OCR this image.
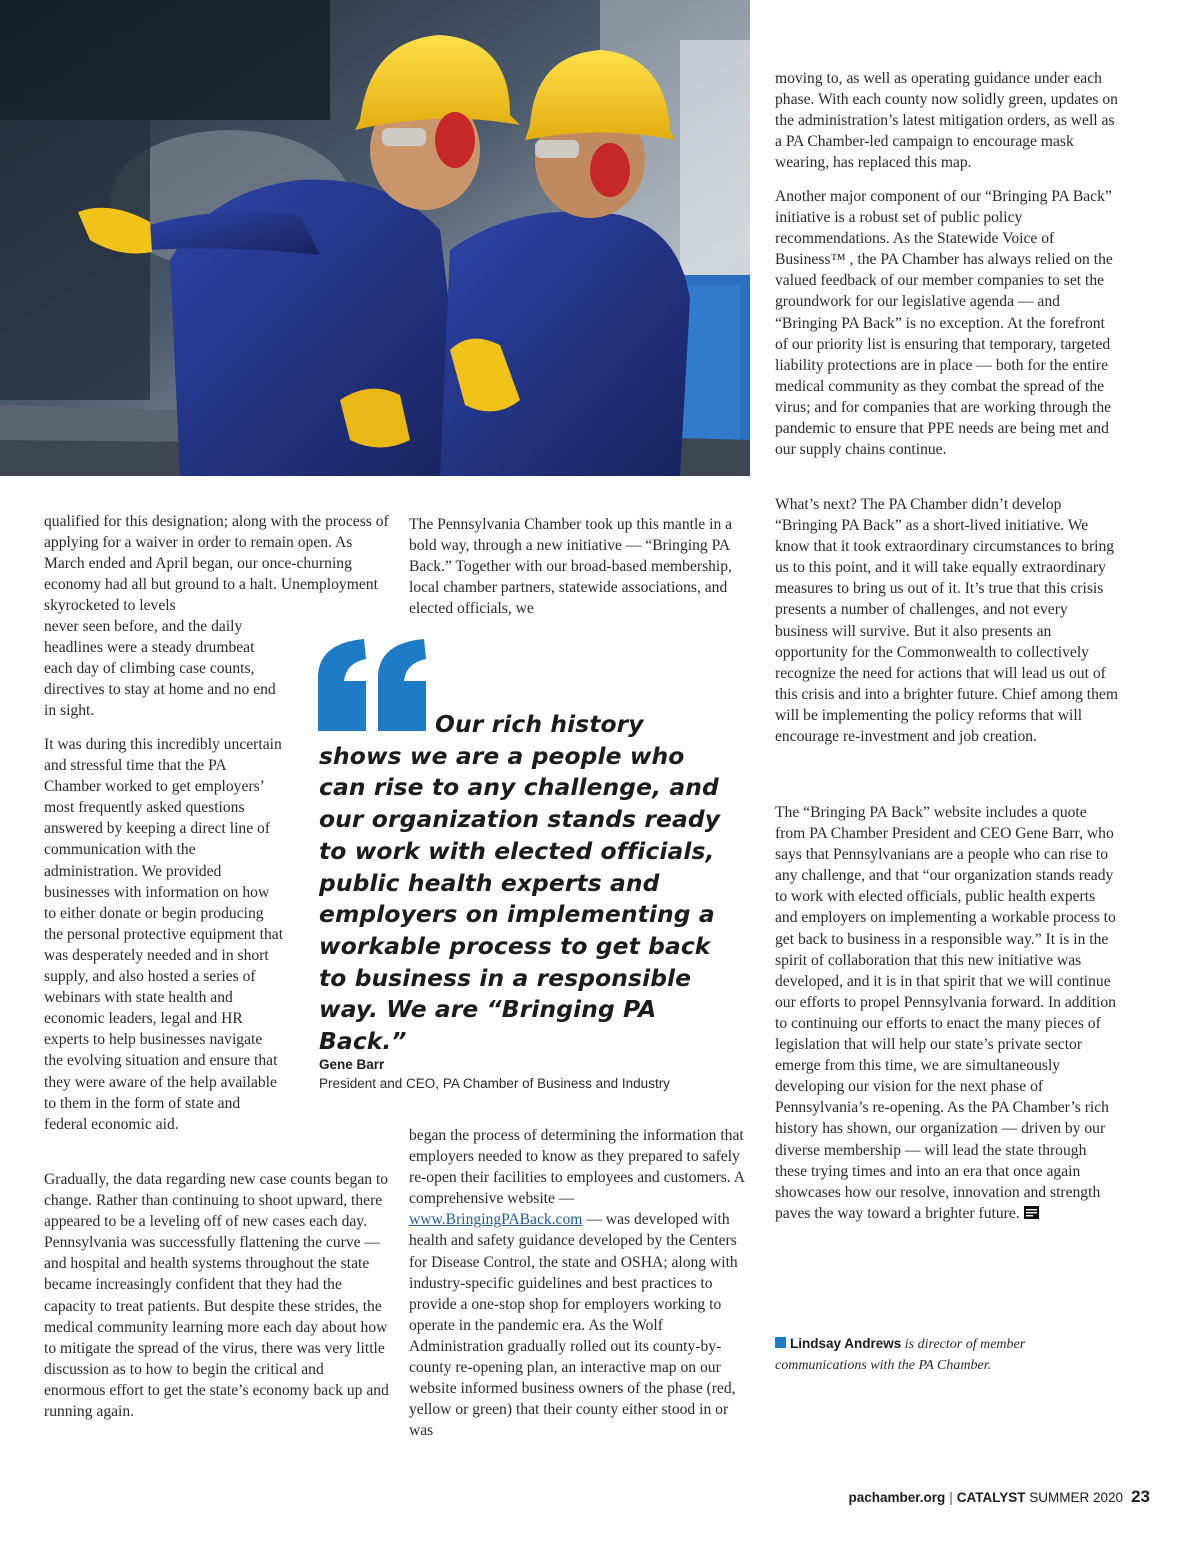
qualified for this designation; along with the process of applying for a waiver in order to remain open. As March ended and April began, our once-churning economy had all but ground to a halt. Unemployment skyrocketed to levels

never seen before, and the daily headlines were a steady drumbeat each day of climbing case counts, directives to stay at home and no end in sight.

It was during this incredibly uncertain and stressful time that the PA Chamber worked to get employers’ most frequently asked questions answered by keeping a direct line of communication with the administration. We provided businesses with information on how to either donate or begin producing the personal protective equipment that was desperately needed and in short supply, and also hosted a series of webinars with state health and economic leaders, legal and HR experts to help businesses navigate the evolving situation and ensure that they were aware of the help available to them in the form of state and federal economic aid.

Gradually, the data regarding new case counts began to change. Rather than continuing to shoot upward, there appeared to be a leveling off of new cases each day. Pennsylvania was successfully flattening the curve — and hospital and health systems throughout the state became increasingly confident that they had the capacity to treat patients. But despite these strides, the medical community learning more each day about how to mitigate the spread of the virus, there was very little discussion as to how to begin the critical and enormous effort to get the state’s economy back up and running again.

The Pennsylvania Chamber took up this mantle in a bold way, through a new initiative — “Bringing PA Back.” Together with our broad-based membership, local chamber partners, statewide associations, and elected officials, we

Our rich history shows we are a people who can rise to any challenge, and our organization stands ready to work with elected officials, public health experts and employers on implementing a workable process to get back to business in a responsible way. We are “Bringing PA Back.”

Gene Barr

President and CEO, PA Chamber of Business and Industry

began the process of determining the information that employers needed to know as they prepared to safely re-open their facilities to employees and customers. A comprehensive website — www.BringingPABack.com — was developed with health and safety guidance developed by the Centers for Disease Control, the state and OSHA; along with industry-specific guidelines and best practices to provide a one-stop shop for employers working to operate in the pandemic era. As the Wolf Administration gradually rolled out its county-by-county re-opening plan, an interactive map on our website informed business owners of the phase (red, yellow or green) that their county either stood in or was

moving to, as well as operating guidance under each phase. With each county now solidly green, updates on the administration’s latest mitigation orders, as well as a PA Chamber-led campaign to encourage mask wearing, has replaced this map.

Another major component of our “Bringing PA Back” initiative is a robust set of public policy recommendations. As the Statewide Voice of Business™ , the PA Chamber has always relied on the valued feedback of our member companies to set the groundwork for our legislative agenda — and “Bringing PA Back” is no exception. At the forefront of our priority list is ensuring that temporary, targeted liability protections are in place — both for the entire medical community as they combat the spread of the virus; and for companies that are working through the pandemic to ensure that PPE needs are being met and our supply chains continue.

What’s next? The PA Chamber didn’t develop “Bringing PA Back” as a short-lived initiative. We know that it took extraordinary circumstances to bring us to this point, and it will take equally extraordinary measures to bring us out of it. It’s true that this crisis presents a number of challenges, and not every business will survive. But it also presents an opportunity for the Commonwealth to collectively recognize the need for actions that will lead us out of this crisis and into a brighter future. Chief among them will be implementing the policy reforms that will encourage re-investment and job creation.

The “Bringing PA Back” website includes a quote from PA Chamber President and CEO Gene Barr, who says that Pennsylvanians are a people who can rise to any challenge, and that “our organization stands ready to work with elected officials, public health experts and employers on implementing a workable process to get back to business in a responsible way.” It is in the spirit of collaboration that this new initiative was developed, and it is in that spirit that we will continue our efforts to propel Pennsylvania forward. In addition to continuing our efforts to enact the many pieces of legislation that will help our state’s private sector emerge from this time, we are simultaneously developing our vision for the next phase of Pennsylvania’s re-opening. As the PA Chamber’s rich history has shown, our organization — driven by our diverse membership — will lead the state through these trying times and into an era that once again showcases how our resolve, innovation and strength paves the way toward a brighter future.

Lindsay Andrews is director of member communications with the PA Chamber.

pachamber.org | CATALYST SUMMER 2020 23
